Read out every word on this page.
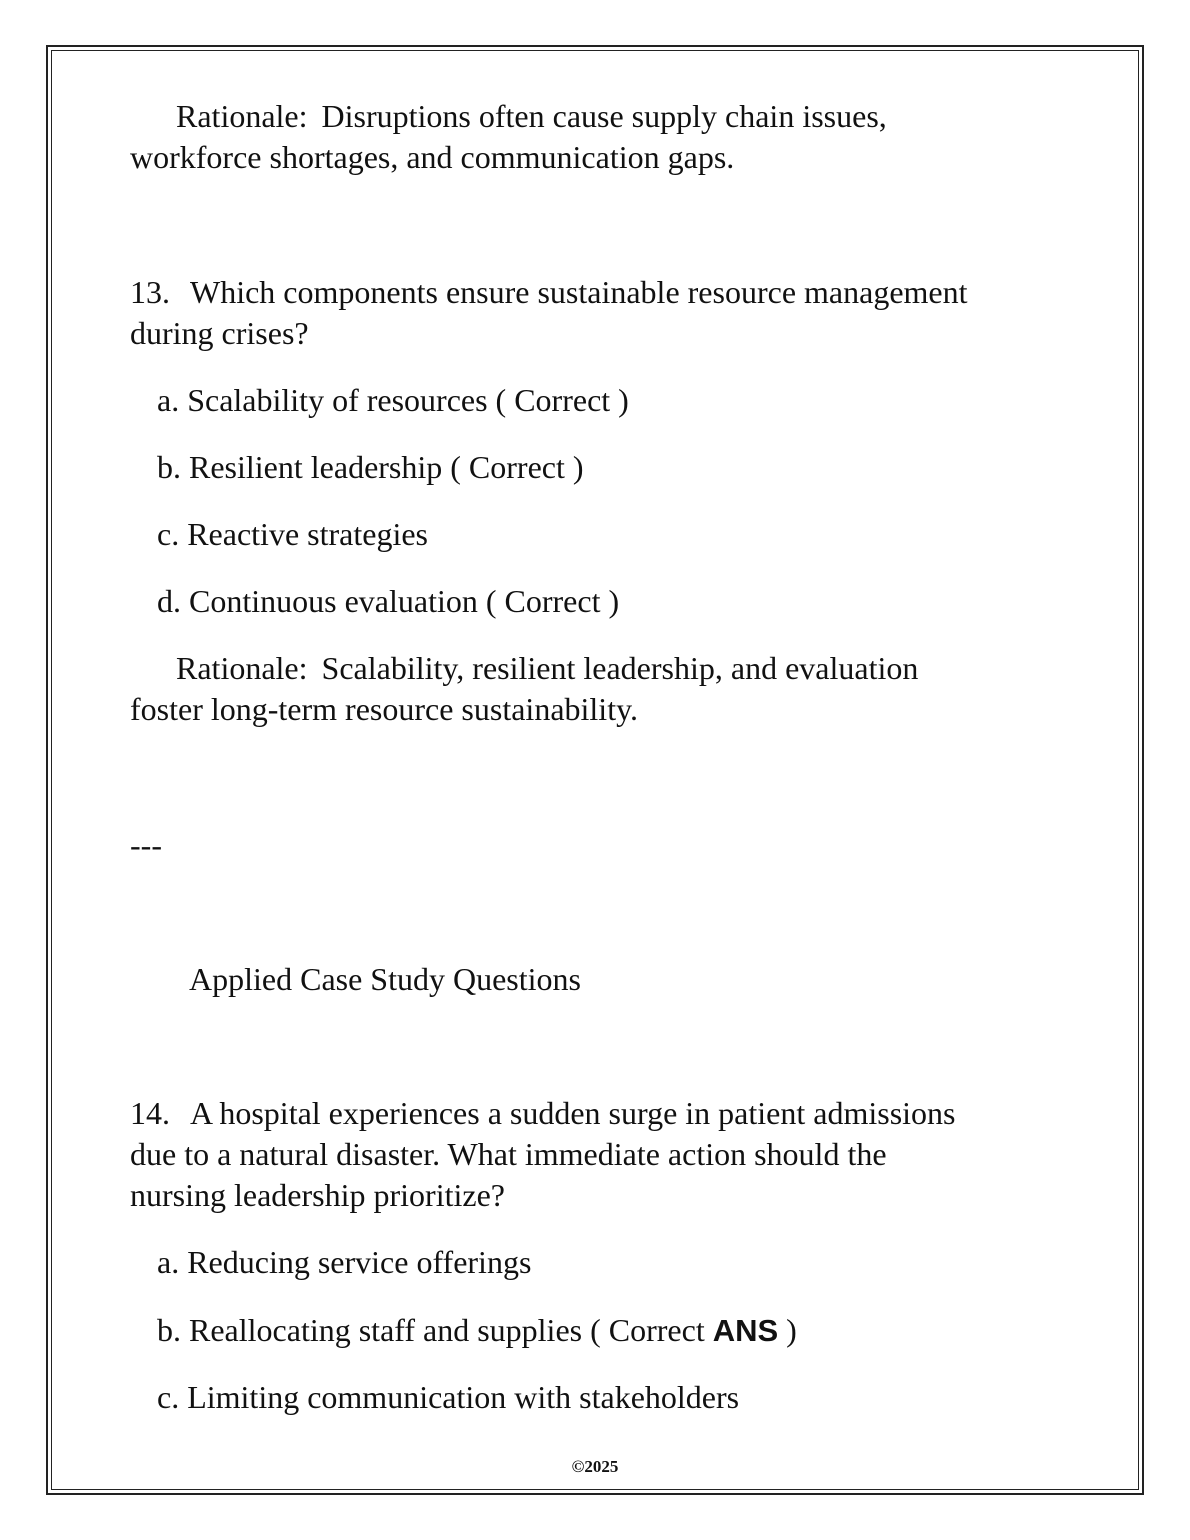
Rationale: Disruptions often cause supply chain issues,

workforce shortages, and communication gaps.

13. Which components ensure sustainable resource management

during crises?

a. Scalability of resources ( Correct )

b. Resilient leadership ( Correct )

c. Reactive strategies

d. Continuous evaluation ( Correct )

Rationale: Scalability, resilient leadership, and evaluation

foster long-term resource sustainability.

---

Applied Case Study Questions

14. A hospital experiences a sudden surge in patient admissions

due to a natural disaster. What immediate action should the

nursing leadership prioritize?

a. Reducing service offerings

b. Reallocating staff and supplies ( Correct ANS )

c. Limiting communication with stakeholders

©2025
